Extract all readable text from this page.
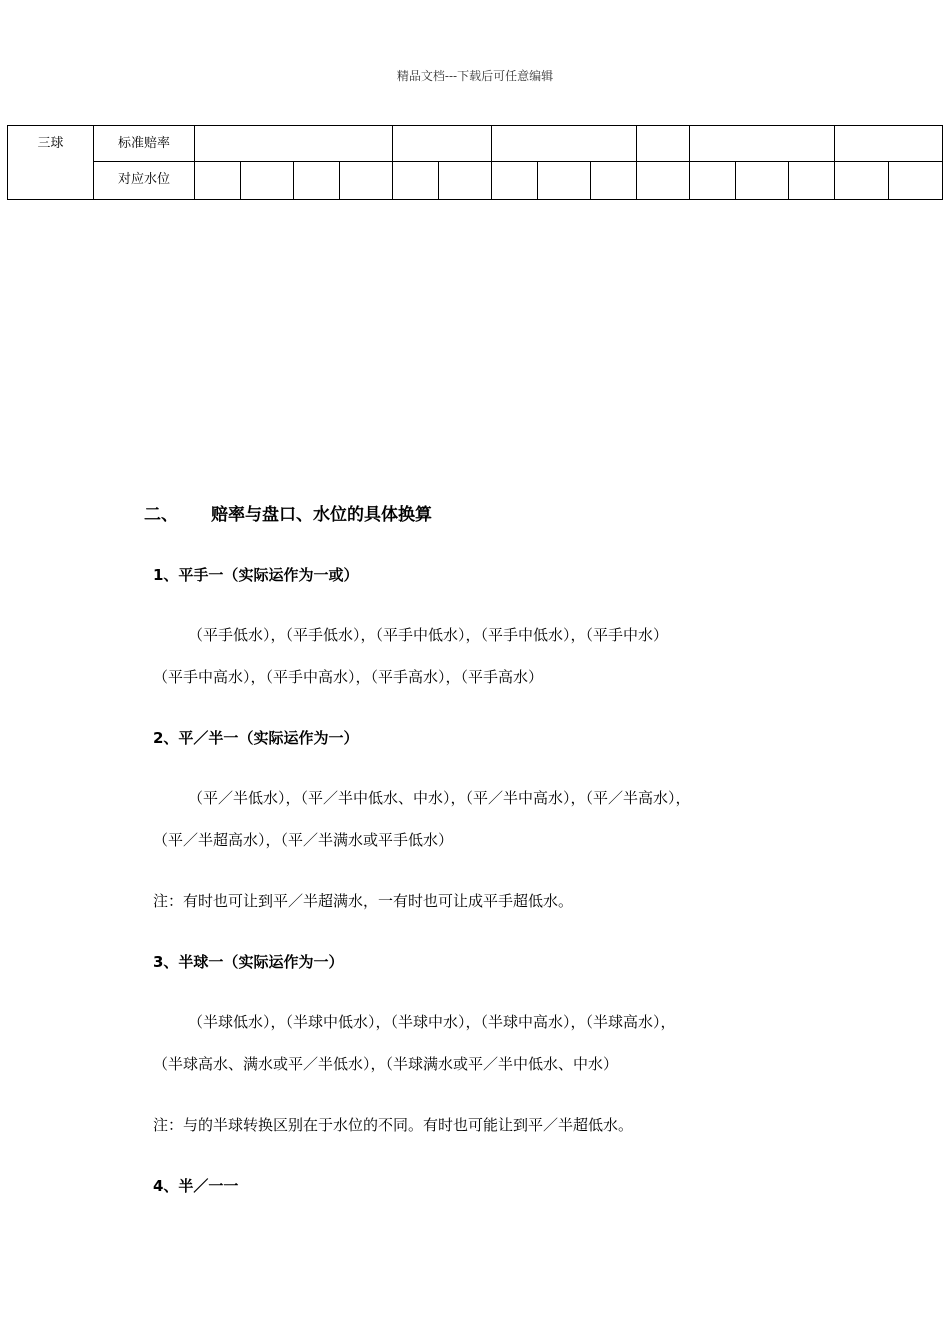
精品文档---下载后可任意编辑
三球	标准赔率															
	对应水位															
二、 赔率与盘口、水位的具体换算
1、平手一（实际运作为一或）
（平手低水），（平手低水），（平手中低水），（平手中低水），（平手中水）
（平手中高水），（平手中高水），（平手高水），（平手高水）
2、平／半一（实际运作为一）
（平／半低水），（平／半中低水、中水），（平／半中高水），（平／半高水），
（平／半超高水），（平／半满水或平手低水）
注：有时也可让到平／半超满水，一有时也可让成平手超低水。
3、半球一（实际运作为一）
（半球低水），（半球中低水），（半球中水），（半球中高水），（半球高水），
（半球高水、满水或平／半低水），（半球满水或平／半中低水、中水）
注：与的半球转换区别在于水位的不同。有时也可能让到平／半超低水。
4、半／一一
